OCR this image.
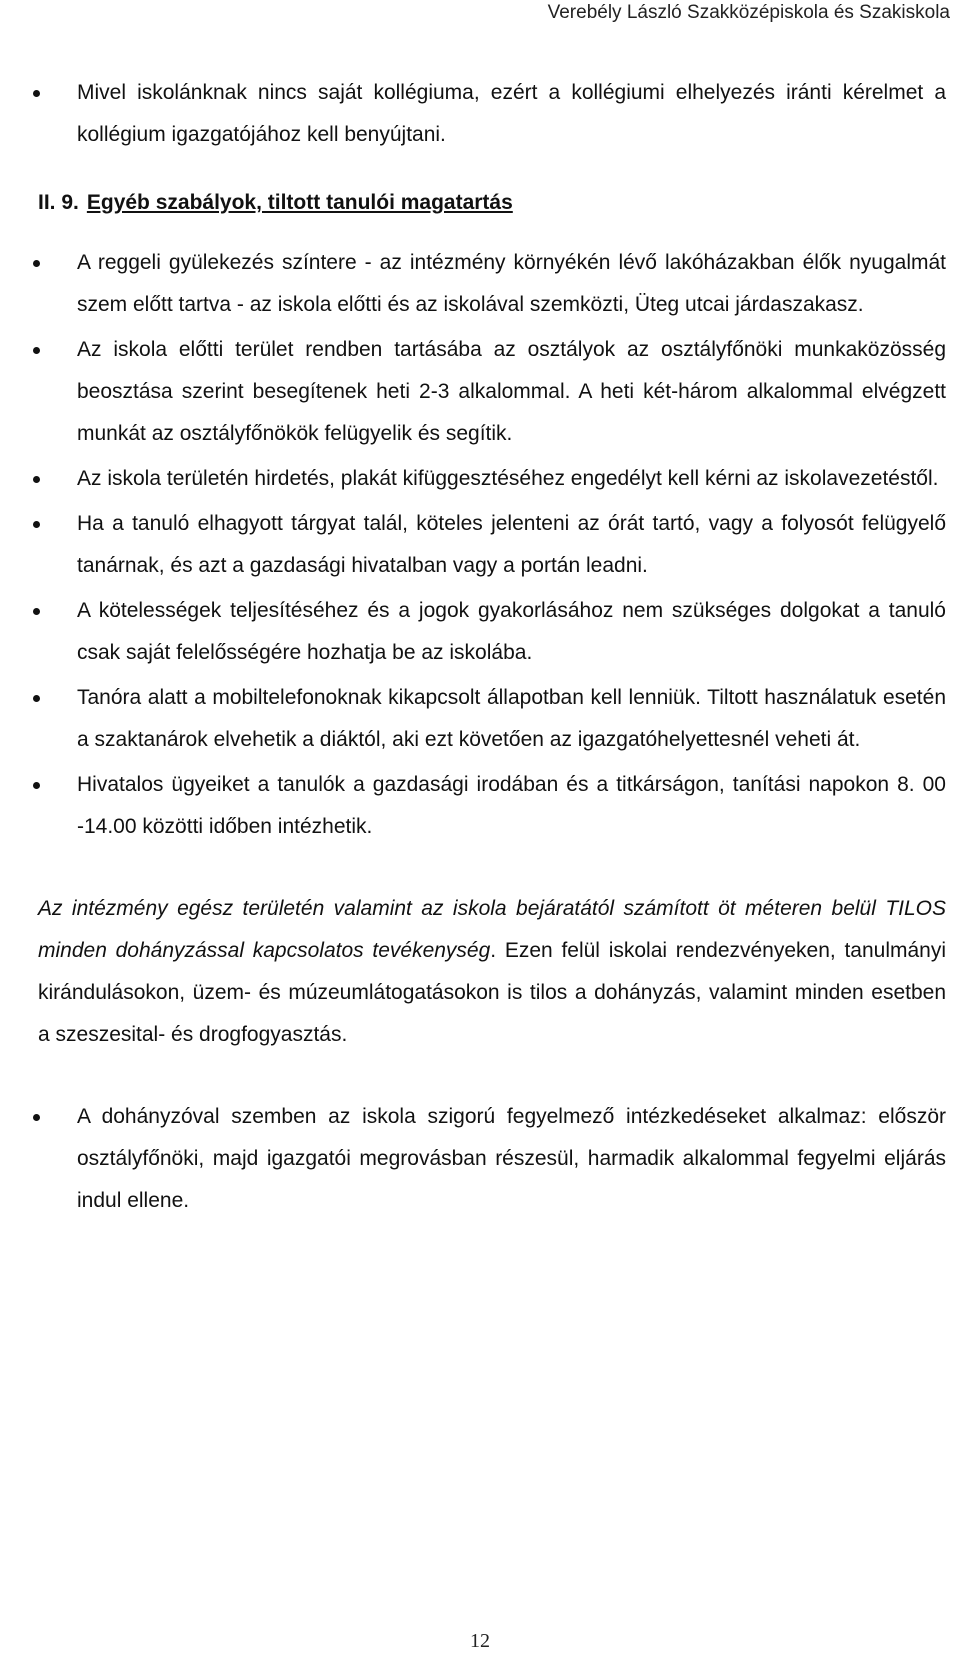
Verebély László Szakközépiskola és Szakiskola
Mivel iskolánknak nincs saját kollégiuma, ezért a kollégiumi elhelyezés iránti kérelmet a kollégium igazgatójához kell benyújtani.
II. 9. Egyéb szabályok, tiltott tanulói magatartás
A reggeli gyülekezés színtere - az intézmény környékén lévő lakóházakban élők nyugalmát szem előtt tartva - az iskola előtti és az iskolával szemközti, Üteg utcai járdaszakasz.
Az iskola előtti terület rendben tartásába az osztályok az osztályfőnöki munkaközösség beosztása szerint besegítenek heti 2-3 alkalommal. A heti két-három alkalommal elvégzett munkát az osztályfőnökök felügyelik és segítik.
Az iskola területén hirdetés, plakát kifüggesztéséhez engedélyt kell kérni az iskolavezetéstől.
Ha a tanuló elhagyott tárgyat talál, köteles jelenteni az órát tartó, vagy a folyosót felügyelő tanárnak, és azt a gazdasági hivatalban vagy a portán leadni.
A kötelességek teljesítéséhez és a jogok gyakorlásához nem szükséges dolgokat a tanuló csak saját felelősségére hozhatja be az iskolába.
Tanóra alatt a mobiltelefonoknak kikapcsolt állapotban kell lenniük. Tiltott használatuk esetén a szaktanárok elvehetik a diáktól, aki ezt követően az igazgatóhelyettesnél veheti át.
Hivatalos ügyeiket a tanulók a gazdasági irodában és a titkárságon, tanítási napokon 8. 00 -14.00 közötti időben intézhetik.
Az intézmény egész területén valamint az iskola bejáratától számított öt méteren belül TILOS minden dohányzással kapcsolatos tevékenység. Ezen felül iskolai rendezvényeken, tanulmányi kirándulásokon, üzem- és múzeumlátogatásokon is tilos a dohányzás, valamint minden esetben a szeszesital- és drogfogyasztás.
A dohányzóval szemben az iskola szigorú fegyelmező intézkedéseket alkalmaz: először osztályfőnöki, majd igazgatói megrovásban részesül, harmadik alkalommal fegyelmi eljárás indul ellene.
12
